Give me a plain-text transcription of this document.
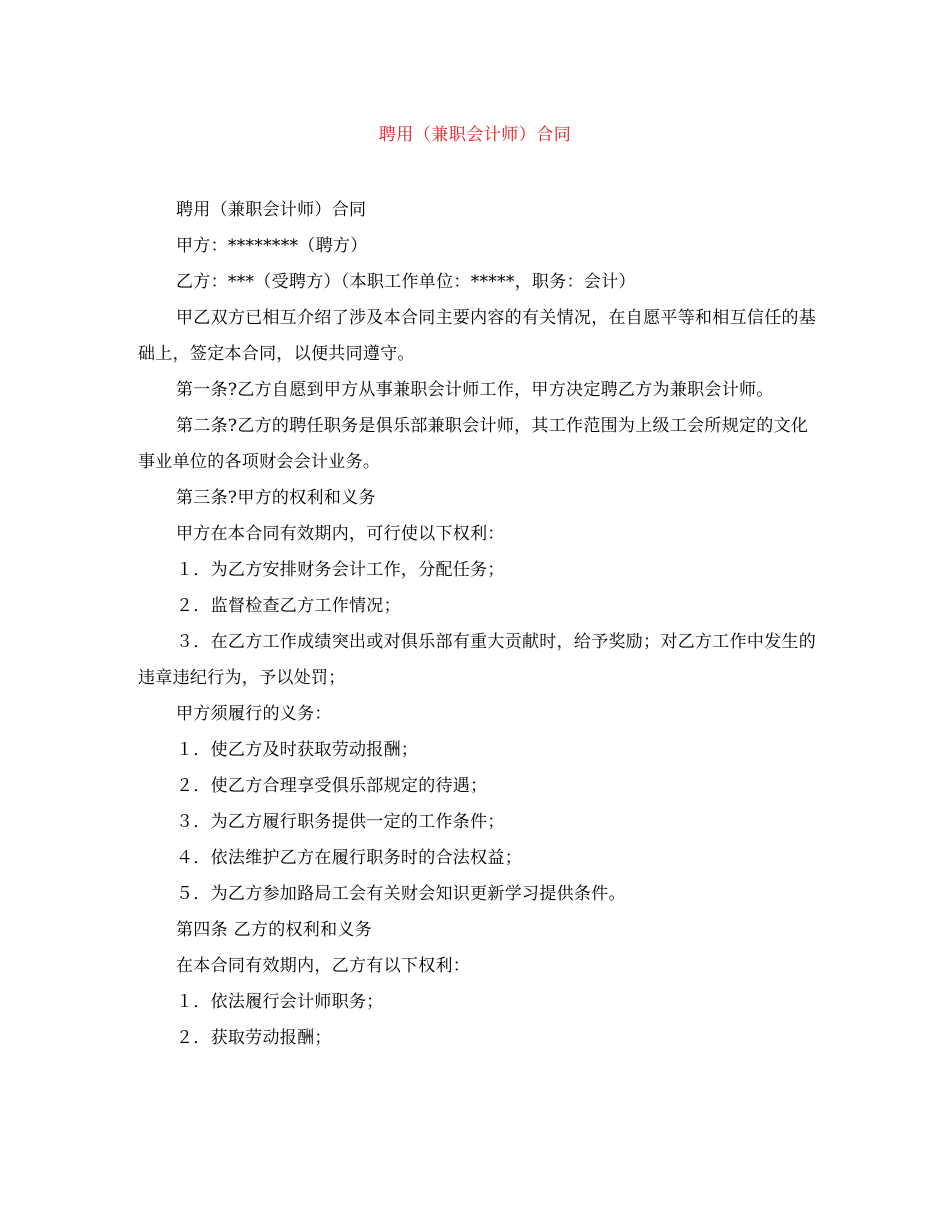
聘用（兼职会计师）合同

聘用（兼职会计师）合同

甲方：********（聘方）

乙方：***（受聘方）（本职工作单位：*****，职务：会计）

甲乙双方已相互介绍了涉及本合同主要内容的有关情况，在自愿平等和相互信任的基础上，签定本合同，以便共同遵守。

第一条?乙方自愿到甲方从事兼职会计师工作，甲方决定聘乙方为兼职会计师。

第二条?乙方的聘任职务是俱乐部兼职会计师，其工作范围为上级工会所规定的文化事业单位的各项财会会计业务。

第三条?甲方的权利和义务

甲方在本合同有效期内，可行使以下权利：

１．为乙方安排财务会计工作，分配任务；

２．监督检查乙方工作情况；

３．在乙方工作成绩突出或对俱乐部有重大贡献时，给予奖励；对乙方工作中发生的违章违纪行为，予以处罚；

甲方须履行的义务：

１．使乙方及时获取劳动报酬；

２．使乙方合理享受俱乐部规定的待遇；

３．为乙方履行职务提供一定的工作条件；

４．依法维护乙方在履行职务时的合法权益；

５．为乙方参加路局工会有关财会知识更新学习提供条件。

第四条 乙方的权利和义务

在本合同有效期内，乙方有以下权利：

１．依法履行会计师职务；

２．获取劳动报酬；
